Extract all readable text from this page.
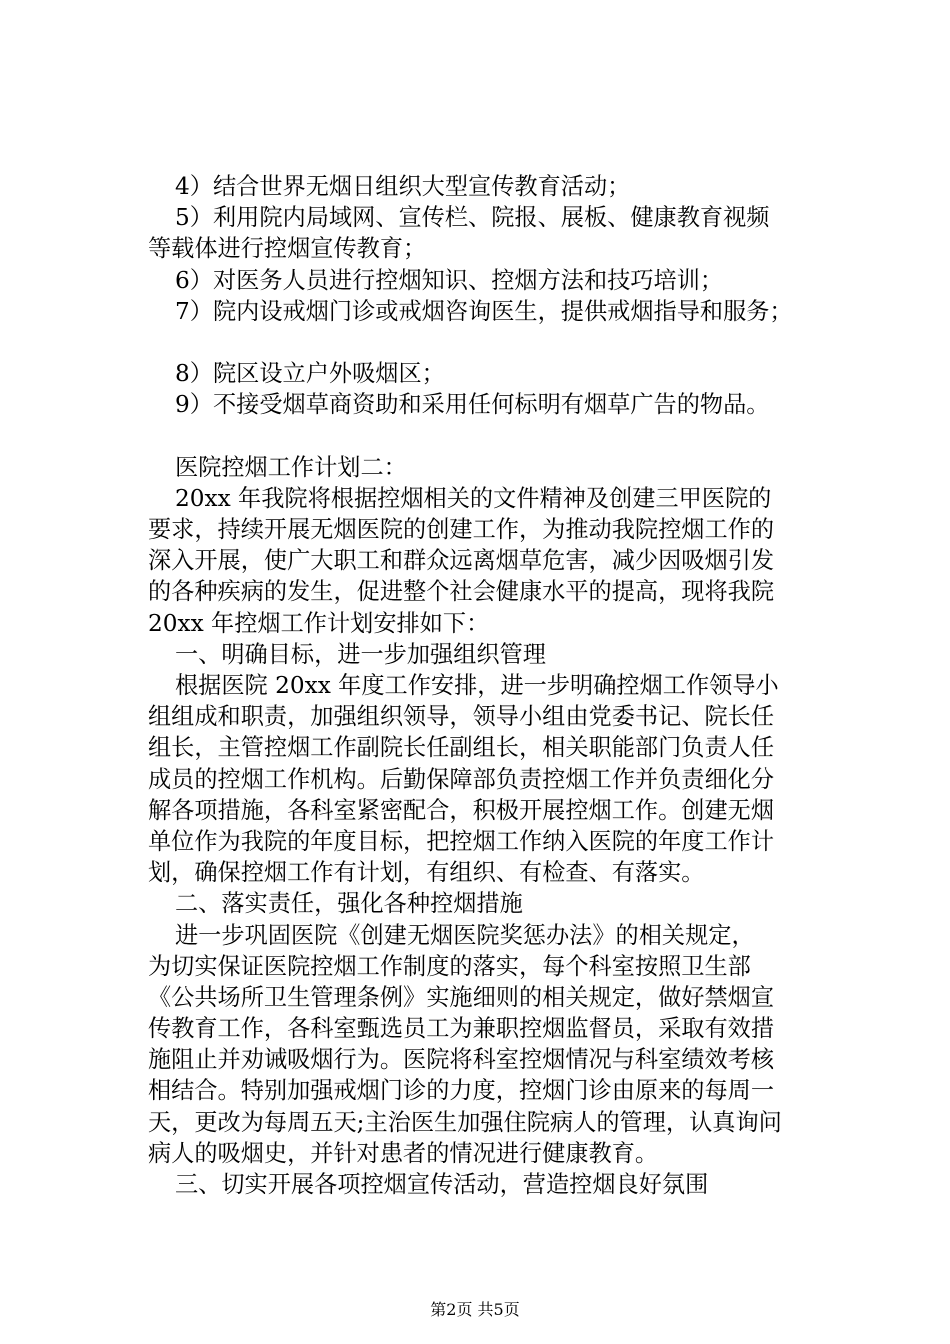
4）结合世界无烟日组织大型宣传教育活动；
5）利用院内局域网、宣传栏、院报、展板、健康教育视频
等载体进行控烟宣传教育；
6）对医务人员进行控烟知识、控烟方法和技巧培训；
7）院内设戒烟门诊或戒烟咨询医生，提供戒烟指导和服务；
8）院区设立户外吸烟区；
9）不接受烟草商资助和采用任何标明有烟草广告的物品。
医院控烟工作计划二：
20xx 年我院将根据控烟相关的文件精神及创建三甲医院的
要求，持续开展无烟医院的创建工作，为推动我院控烟工作的
深入开展，使广大职工和群众远离烟草危害，减少因吸烟引发
的各种疾病的发生，促进整个社会健康水平的提高，现将我院
20xx 年控烟工作计划安排如下：
一、明确目标，进一步加强组织管理
根据医院 20xx 年度工作安排，进一步明确控烟工作领导小
组组成和职责，加强组织领导，领导小组由党委书记、院长任
组长，主管控烟工作副院长任副组长，相关职能部门负责人任
成员的控烟工作机构。后勤保障部负责控烟工作并负责细化分
解各项措施，各科室紧密配合，积极开展控烟工作。创建无烟
单位作为我院的年度目标，把控烟工作纳入医院的年度工作计
划，确保控烟工作有计划，有组织、有检查、有落实。
二、落实责任，强化各种控烟措施
进一步巩固医院《创建无烟医院奖惩办法》的相关规定，
为切实保证医院控烟工作制度的落实，每个科室按照卫生部
《公共场所卫生管理条例》实施细则的相关规定，做好禁烟宣
传教育工作，各科室甄选员工为兼职控烟监督员，采取有效措
施阻止并劝诫吸烟行为。医院将科室控烟情况与科室绩效考核
相结合。特别加强戒烟门诊的力度，控烟门诊由原来的每周一
天，更改为每周五天;主治医生加强住院病人的管理，认真询问
病人的吸烟史，并针对患者的情况进行健康教育。
三、切实开展各项控烟宣传活动，营造控烟良好氛围
第2页 共5页
